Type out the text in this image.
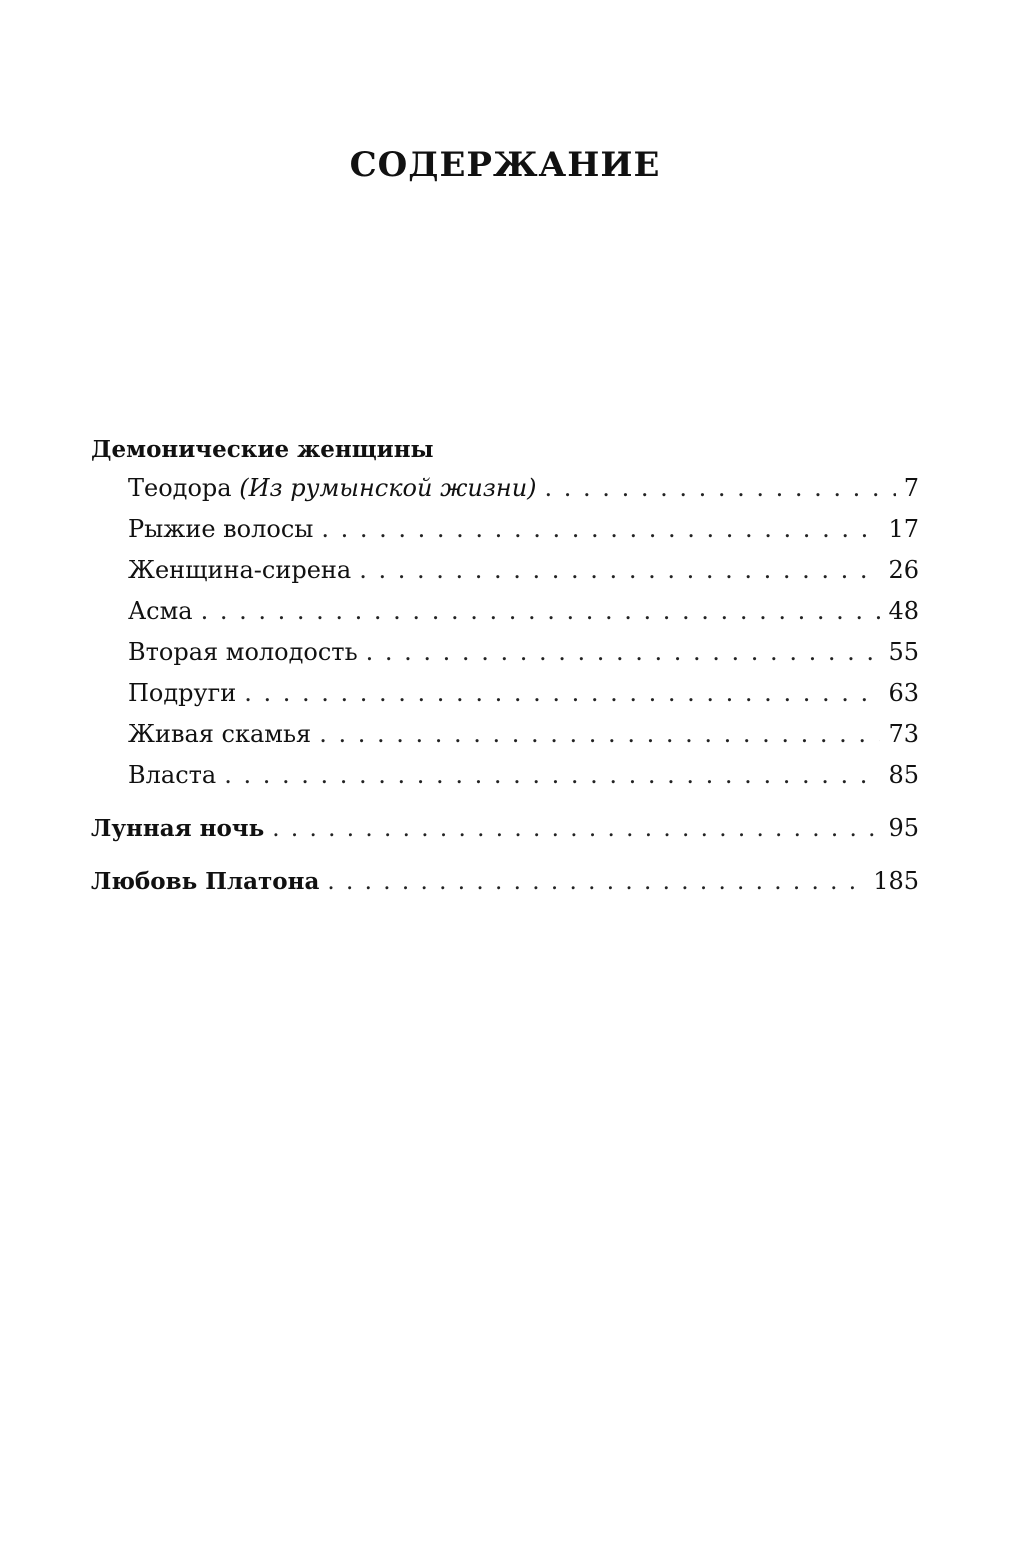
СОДЕРЖАНИЕ
Демонические женщины
Теодора (Из румынской жизни) . . .	7
Рыжие волосы . . .	17
Женщина-сирена . . .	26
Асма . . .	48
Вторая молодость . . .	55
Подруги . . .	63
Живая скамья . . .	73
Власта . . .	85
Лунная ночь . . .	95
Любовь Платона . . .	185
